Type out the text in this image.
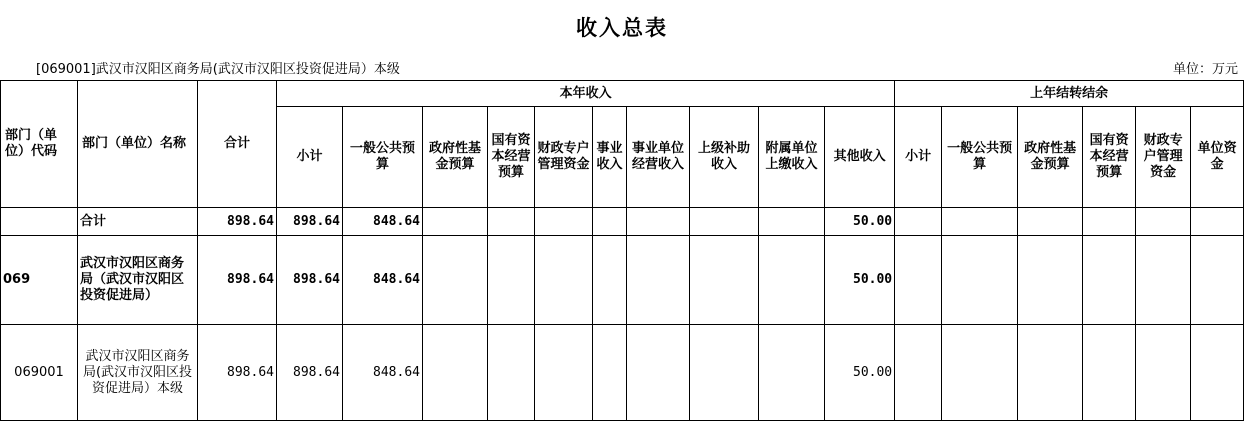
收入总表
[069001]武汉市汉阳区商务局(武汉市汉阳区投资促进局）本级	单位：万元
部门（单位）代码	部门（单位）名称	合计	本年收入										上年结转结余					
			小计	一般公共预算	政府性基金预算	国有资本经营预算	财政专户管理资金	事业收入	事业单位经营收入	上级补助收入	附属单位上缴收入	其他收入	小计	一般公共预算	政府性基金预算	国有资本经营预算	财政专户管理资金	单位资金
	合计	898.64	898.64	848.64								50.00						
069	武汉市汉阳区商务局（武汉市汉阳区投资促进局）	898.64	898.64	848.64								50.00						
069001	武汉市汉阳区商务局(武汉市汉阳区投资促进局）本级	898.64	898.64	848.64								50.00						
